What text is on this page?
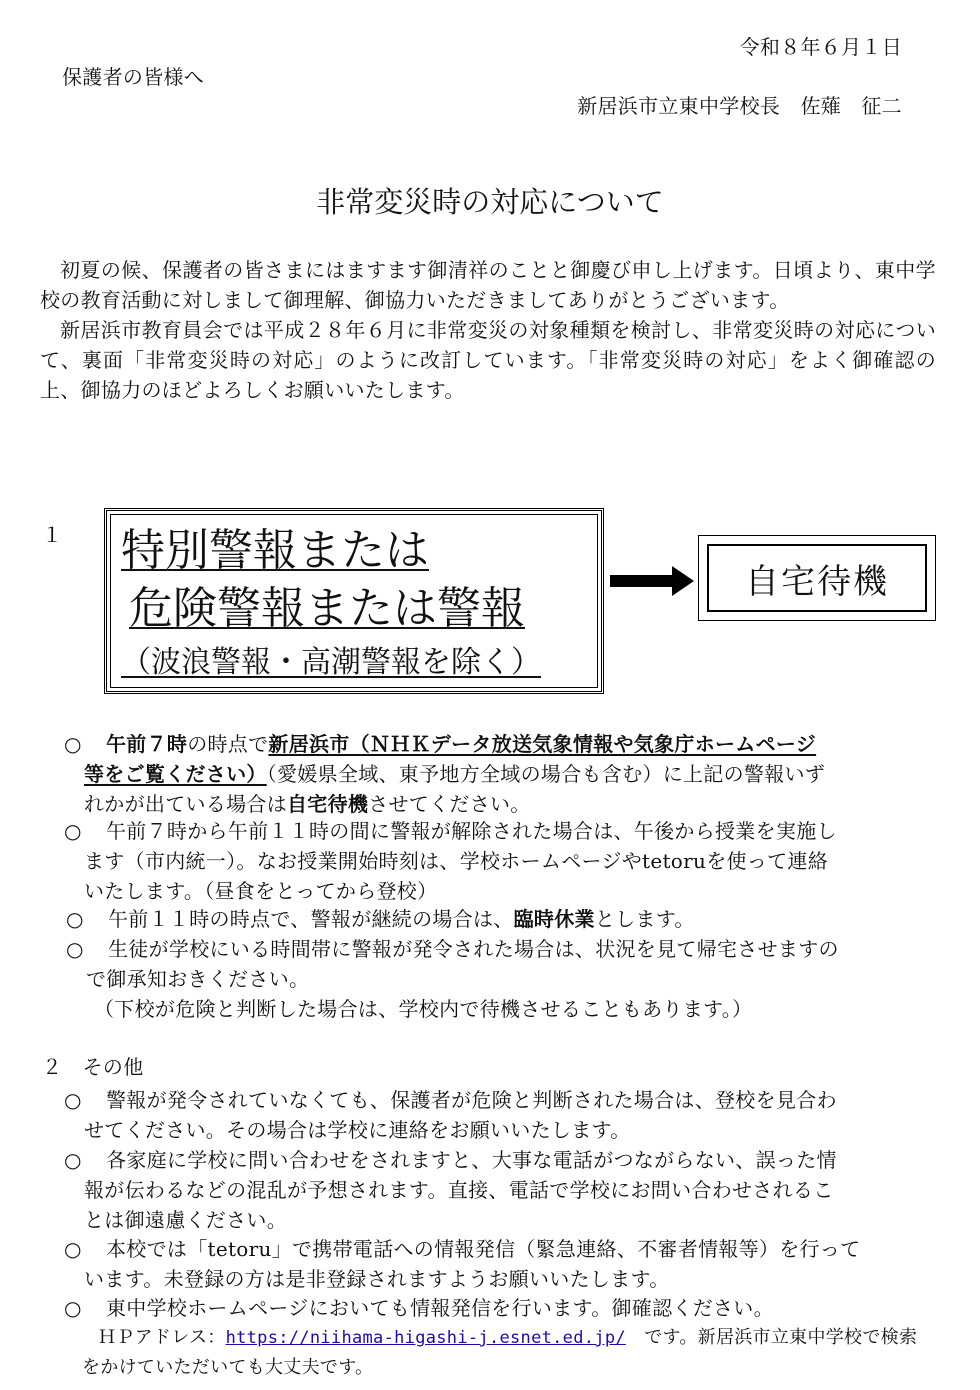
令和８年６月１日
保護者の皆様へ
新居浜市立東中学校長　佐薙　征二
非常変災時の対応について

初夏の候、保護者の皆さまにはますます御清祥のことと御慶び申し上げます。日頃より、東中学校の教育活動に対しまして御理解、御協力いただきましてありがとうございます。

新居浜市教育員会では平成２８年６月に非常変災の対象種類を検討し、非常変災時の対応について、裏面「非常変災時の対応」のように改訂しています。「非常変災時の対応」をよく御確認の上、御協力のほどよろしくお願いいたします。

１ 特別警報または
危険警報または警報
（波浪警報・高潮警報を除く）
自宅待機
○ 午前７時の時点で新居浜市（ＮＨＫデータ放送気象情報や気象庁ホームページ
等をご覧ください）（愛媛県全域、東予地方全域の場合も含む）に上記の警報いず
れかが出ている場合は自宅待機させてください。
○ 午前７時から午前１１時の間に警報が解除された場合は、午後から授業を実施し
ます（市内統一）。なお授業開始時刻は、学校ホームページやtetoruを使って連絡
いたします。（昼食をとってから登校）
○ 午前１１時の時点で、警報が継続の場合は、臨時休業とします。
○ 生徒が学校にいる時間帯に警報が発令された場合は、状況を見て帰宅させますの
で御承知おきください。
（下校が危険と判断した場合は、学校内で待機させることもあります。）
２　その他
○ 警報が発令されていなくても、保護者が危険と判断された場合は、登校を見合わ
せてください。その場合は学校に連絡をお願いいたします。
○ 各家庭に学校に問い合わせをされますと、大事な電話がつながらない、誤った情
報が伝わるなどの混乱が予想されます。直接、電話で学校にお問い合わせされるこ
とは御遠慮ください。
○ 本校では「tetoru」で携帯電話への情報発信（緊急連絡、不審者情報等）を行って
います。未登録の方は是非登録されますようお願いいたします。
○ 東中学校ホームページにおいても情報発信を行います。御確認ください。
ＨＰアドレス：https://niihama-higashi-j.esnet.ed.jp/　です。新居浜市立東中学校で検索
をかけていただいても大丈夫です。
